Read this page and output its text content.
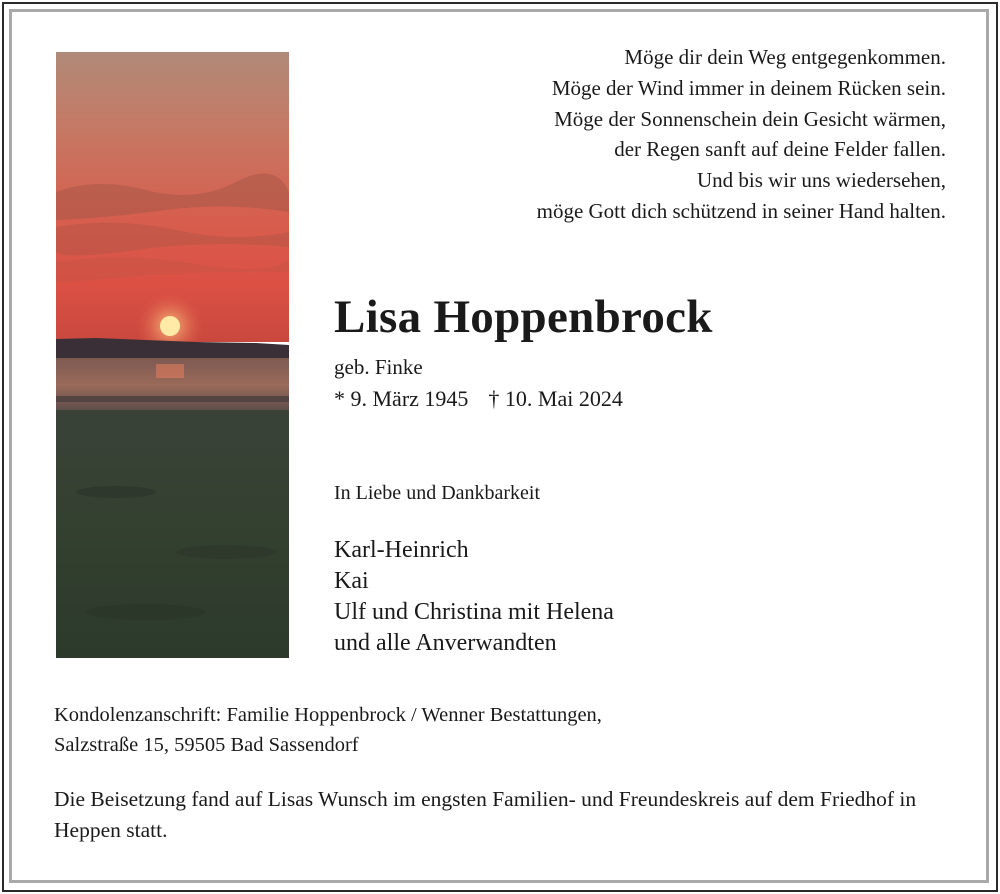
Möge dir dein Weg entgegenkommen.
Möge der Wind immer in deinem Rücken sein.
Möge der Sonnenschein dein Gesicht wärmen,
der Regen sanft auf deine Felder fallen.
Und bis wir uns wiedersehen,
möge Gott dich schützend in seiner Hand halten.
Lisa Hoppenbrock
geb. Finke
* 9. März 1945 † 10. Mai 2024
In Liebe und Dankbarkeit
Karl-Heinrich
Kai
Ulf und Christina mit Helena
und alle Anverwandten
Kondolenzanschrift: Familie Hoppenbrock / Wenner Bestattungen,
Salzstraße 15, 59505 Bad Sassendorf
Die Beisetzung fand auf Lisas Wunsch im engsten Familien- und Freundeskreis auf dem Friedhof in Heppen statt.
